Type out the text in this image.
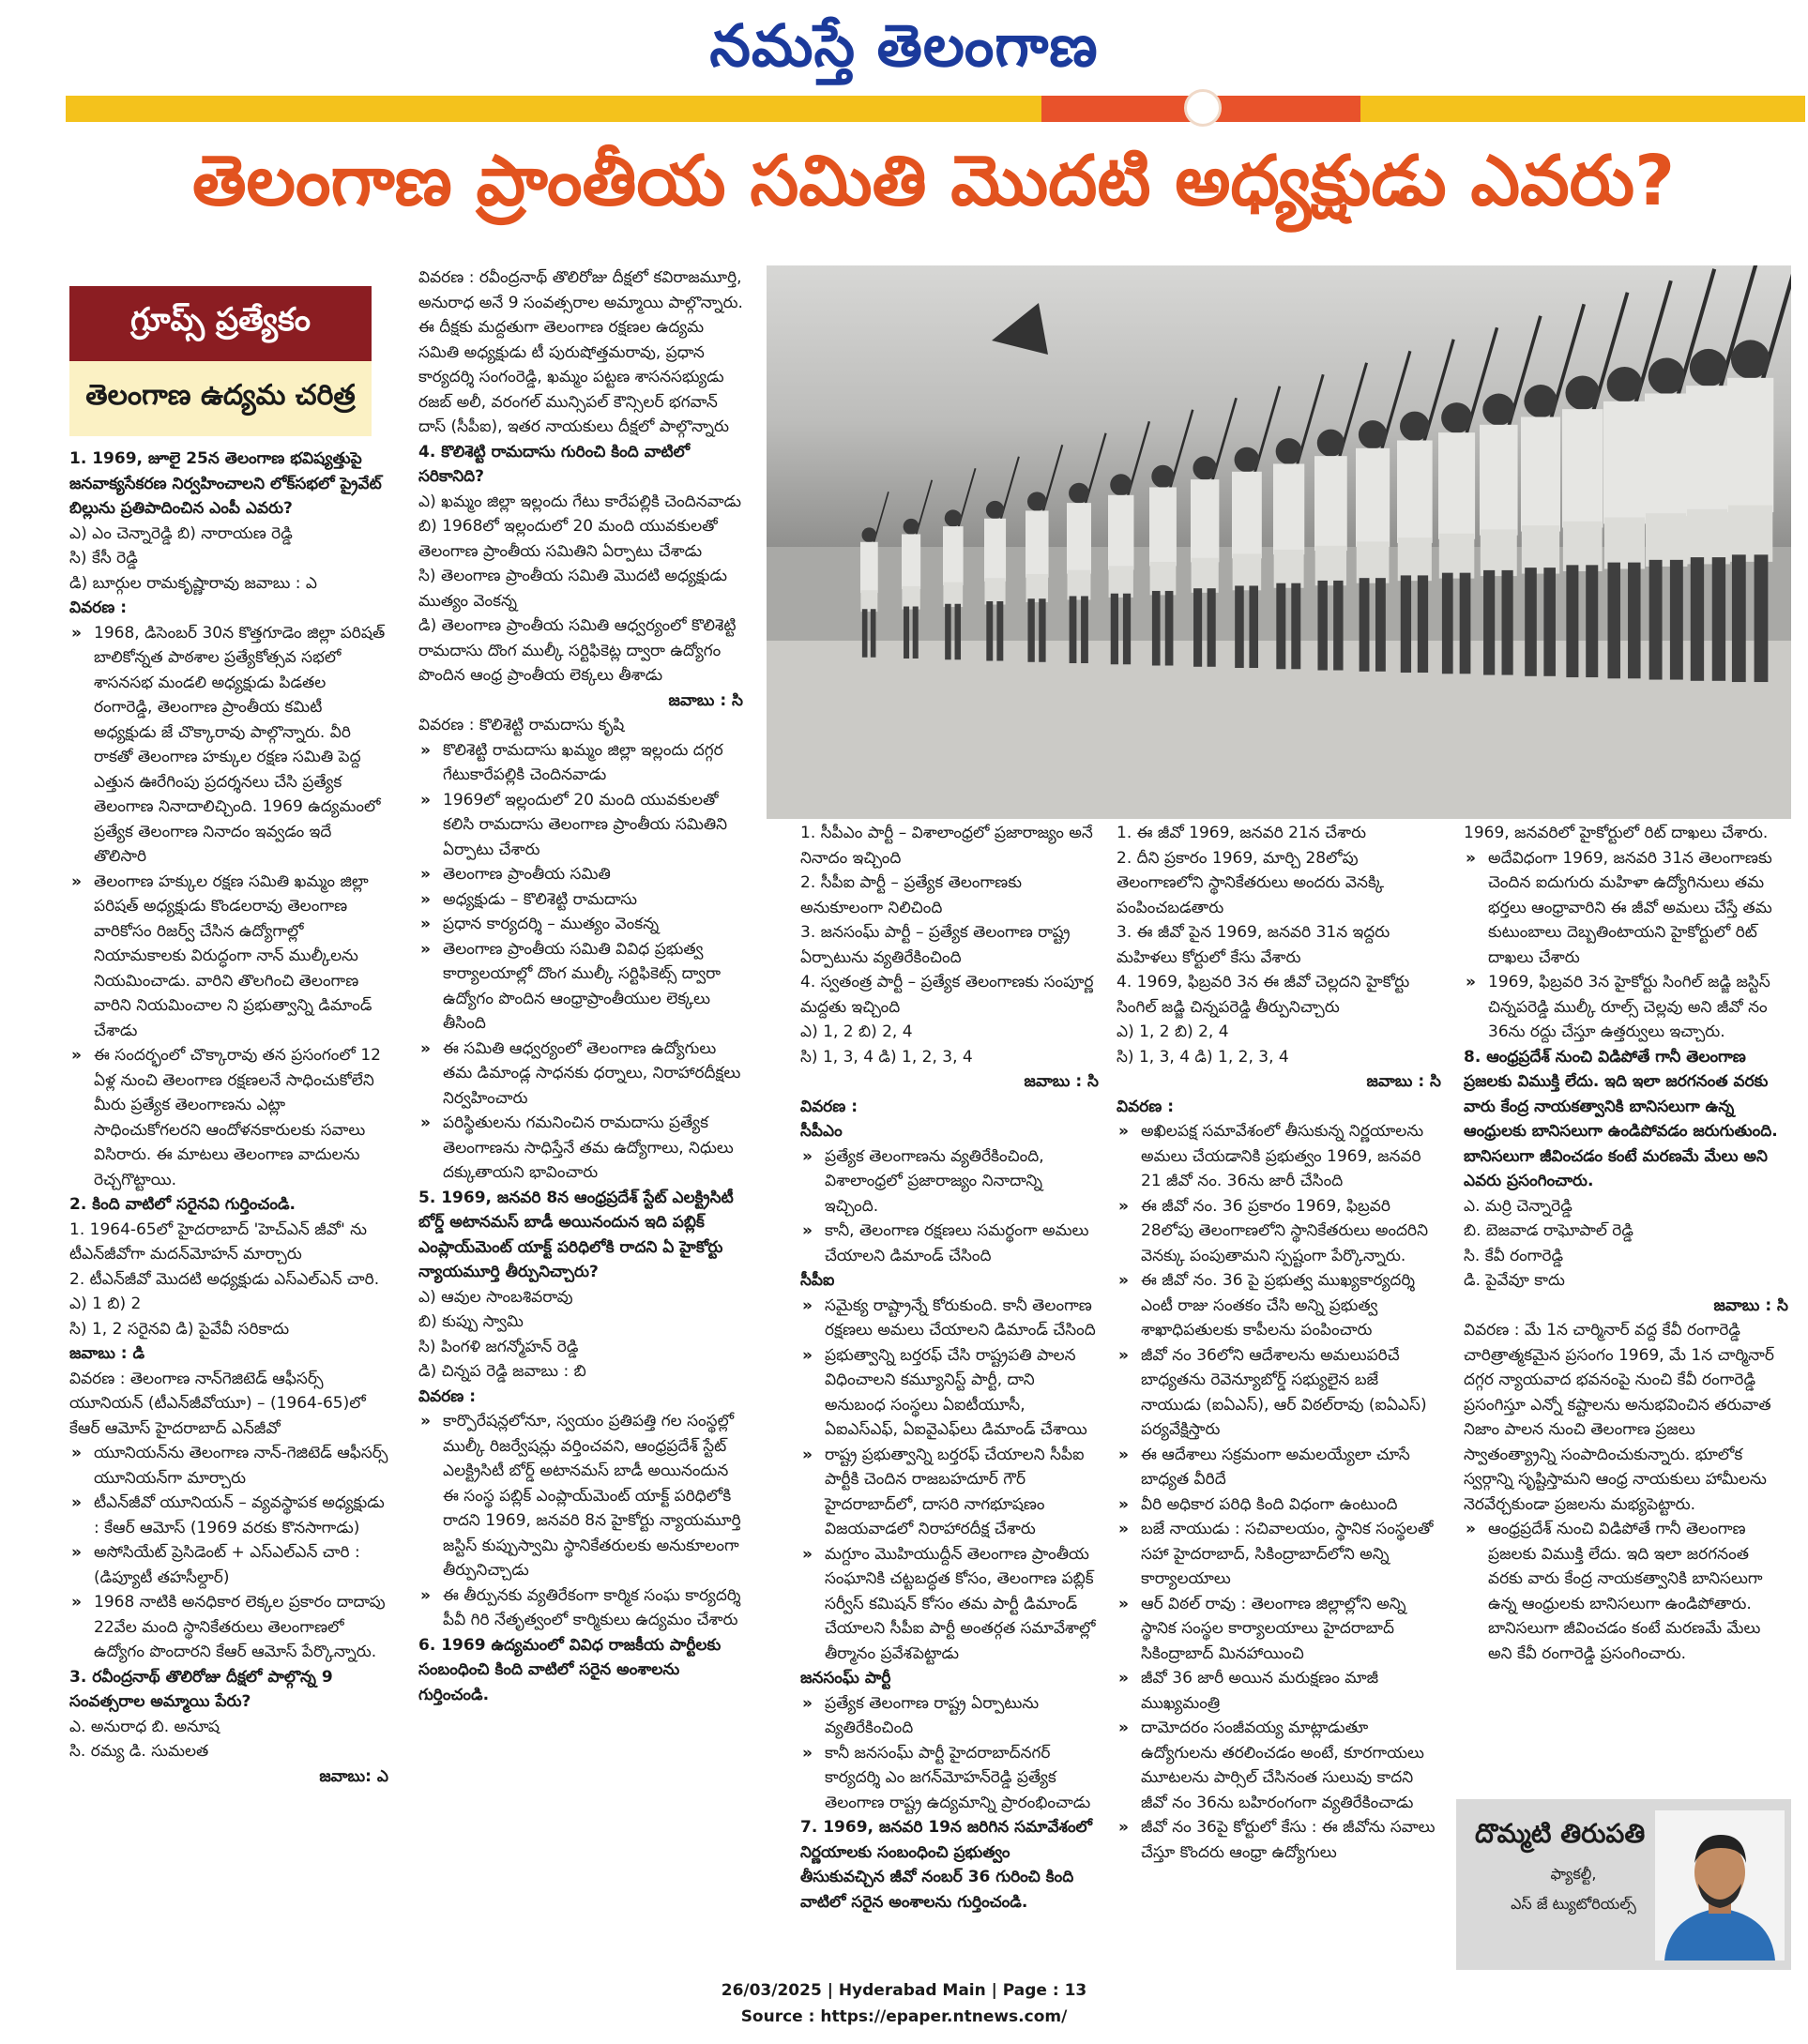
నమస్తే తెలంగాణ
తెలంగాణ ప్రాంతీయ సమితి మొదటి అధ్యక్షుడు ఎవరు?
గ్రూప్స్ ప్రత్యేకం
తెలంగాణ ఉద్యమ చరిత్ర

1. 1969, జూలై 25న తెలంగాణ భవిష్యత్తుపై జనవాక్యసేకరణ నిర్వహించాలని లోక్‌సభలో ప్రైవేట్ బిల్లును ప్రతిపాదించిన ఎంపీ ఎవరు?

ఎ) ఎం చెన్నారెడ్డి బి) నారాయణ రెడ్డి

సి) కేసీ రెడ్డి

డి) బూర్గుల రామకృష్ణారావు జవాబు : ఎ

వివరణ :

» 1968, డిసెంబర్ 30న కొత్తగూడెం జిల్లా పరిషత్ బాలికోన్నత పాఠశాల ప్రత్యేకోత్సవ సభలో శాసనసభ మండలి అధ్యక్షుడు పిడతల రంగారెడ్డి, తెలంగాణ ప్రాంతీయ కమిటీ అధ్యక్షుడు జే చొక్కారావు పాల్గొన్నారు. వీరి రాకతో తెలంగాణ హక్కుల రక్షణ సమితి పెద్ద ఎత్తున ఊరేగింపు ప్రదర్శనలు చేసి ప్రత్యేక తెలంగాణ నినాదాలిచ్చింది. 1969 ఉద్యమంలో ప్రత్యేక తెలంగాణ నినాదం ఇవ్వడం ఇదే తొలిసారి

» తెలంగాణ హక్కుల రక్షణ సమితి ఖమ్మం జిల్లా పరిషత్ అధ్యక్షుడు కొండలరావు తెలంగాణ వారికోసం రిజర్వ్ చేసిన ఉద్యోగాల్లో నియామకాలకు విరుద్ధంగా నాన్ ముల్కీలను నియమించాడు. వారిని తొలగించి తెలంగాణ వారిని నియమించాల ని ప్రభుత్వాన్ని డిమాండ్ చేశాడు

» ఈ సందర్భంలో చొక్కారావు తన ప్రసంగంలో 12 ఏళ్ల నుంచి తెలంగాణ రక్షణలనే సాధించుకోలేని మీరు ప్రత్యేక తెలంగాణను ఎట్లా సాధించుకోగలరని ఆందోళనకారులకు సవాలు విసిరారు. ఈ మాటలు తెలంగాణ వాదులను రెచ్చగొట్టాయి.

2. కింది వాటిలో సరైనవి గుర్తించండి.

1. 1964-65లో హైదరాబాద్ 'హెచ్‌ఎన్ జీవో' ను టీఎన్‌జీవోగా మదన్‌మోహన్ మార్చారు

2. టీఎన్‌జీవో మొదటి అధ్యక్షుడు ఎస్‌ఎల్‌ఎన్ చారి.

ఎ) 1 బి) 2

సి) 1, 2 సరైనవి డి) పైవేవీ సరికాదు

జవాబు : డి

వివరణ : తెలంగాణ నాన్‌గెజిటెడ్ ఆఫీసర్స్ యూనియన్ (టీఎన్‌జీవోయూ) – (1964-65)లో కేఆర్ ఆమోస్ హైదరాబాద్ ఎన్‌జీవో

» యూనియన్‌ను తెలంగాణ నాన్-గెజిటెడ్ ఆఫీసర్స్ యూనియన్‌గా మార్చారు

» టీఎన్‌జీవో యూనియన్ – వ్యవస్థాపక అధ్యక్షుడు : కేఆర్ ఆమోస్ (1969 వరకు కొనసాగాడు)

» అసోసియేట్ ప్రెసిడెంట్ + ఎస్‌ఎల్‌ఎన్ చారి : (డిప్యూటీ తహసీల్దార్)

» 1968 నాటికి అనధికార లెక్కల ప్రకారం దాదాపు 22వేల మంది స్థానికేతరులు తెలంగాణలో ఉద్యోగం పొందారని కేఆర్ ఆమోస్ పేర్కొన్నారు.

3. రవీంద్రనాథ్ తొలిరోజు దీక్షలో పాల్గొన్న 9 సంవత్సరాల అమ్మాయి పేరు?

ఎ. అనురాధ బి. అనూష

సి. రమ్య డి. సుమలత

జవాబు: ఎ

వివరణ : రవీంద్రనాథ్ తొలిరోజు దీక్షలో కవిరాజమూర్తి, అనురాధ అనే 9 సంవత్సరాల అమ్మాయి పాల్గొన్నారు. ఈ దీక్షకు మద్దతుగా తెలంగాణ రక్షణల ఉద్యమ సమితి అధ్యక్షుడు టీ పురుషోత్తమరావు, ప్రధాన కార్యదర్శి సంగంరెడ్డి, ఖమ్మం పట్టణ శాసనసభ్యుడు రజబ్ అలీ, వరంగల్ మున్సిపల్ కౌన్సిలర్ భగవాన్ దాస్ (సీపీఐ), ఇతర నాయకులు దీక్షలో పాల్గొన్నారు

4. కొలిశెట్టి రామదాసు గురించి కింది వాటిలో సరికానిది?

ఎ) ఖమ్మం జిల్లా ఇల్లందు గేటు కారేపల్లికి చెందినవాడు

బి) 1968లో ఇల్లందులో 20 మంది యువకులతో తెలంగాణ ప్రాంతీయ సమితిని ఏర్పాటు చేశాడు

సి) తెలంగాణ ప్రాంతీయ సమితి మొదటి అధ్యక్షుడు ముత్యం వెంకన్న

డి) తెలంగాణ ప్రాంతీయ సమితి ఆధ్వర్యంలో కొలిశెట్టి రామదాసు దొంగ ముల్కీ సర్టిఫికెట్ల ద్వారా ఉద్యోగం పొందిన ఆంధ్ర ప్రాంతీయ లెక్కలు తీశాడు

జవాబు : సి

వివరణ : కొలిశెట్టి రామదాసు కృషి

» కొలిశెట్టి రామదాసు ఖమ్మం జిల్లా ఇల్లందు దగ్గర గేటుకారేపల్లికి చెందినవాడు

» 1969లో ఇల్లందులో 20 మంది యువకులతో కలిసి రామదాసు తెలంగాణ ప్రాంతీయ సమితిని ఏర్పాటు చేశారు

» తెలంగాణ ప్రాంతీయ సమితి

» అధ్యక్షుడు – కొలిశెట్టి రామదాసు

» ప్రధాన కార్యదర్శి – ముత్యం వెంకన్న

» తెలంగాణ ప్రాంతీయ సమితి వివిధ ప్రభుత్వ కార్యాలయాల్లో దొంగ ముల్కీ సర్టిఫికెట్స్ ద్వారా ఉద్యోగం పొందిన ఆంధ్రాప్రాంతీయుల లెక్కలు తీసింది

» ఈ సమితి ఆధ్వర్యంలో తెలంగాణ ఉద్యోగులు తమ డిమాండ్ల సాధనకు ధర్నాలు, నిరాహారదీక్షలు నిర్వహించారు

» పరిస్థితులను గమనించిన రామదాసు ప్రత్యేక తెలంగాణను సాధిస్తేనే తమ ఉద్యోగాలు, నిధులు దక్కుతాయని భావించారు

5. 1969, జనవరి 8న ఆంధ్రప్రదేశ్ స్టేట్ ఎలక్ట్రిసిటీ బోర్డ్ అటానమస్ బాడీ అయినందున ఇది పబ్లిక్ ఎంప్లాయ్‌మెంట్ యాక్ట్ పరిధిలోకి రాదని ఏ హైకోర్టు న్యాయమూర్తి తీర్పునిచ్చారు?

ఎ) ఆవుల సాంబశివరావు

బి) కుప్పు స్వామి

సి) పింగళి జగన్మోహన్ రెడ్డి

డి) చిన్నప రెడ్డి జవాబు : బి

వివరణ :

» కార్పొరేషన్లలోనూ, స్వయం ప్రతిపత్తి గల సంస్థల్లో ముల్కీ రిజర్వేషన్లు వర్తించవని, ఆంధ్రప్రదేశ్ స్టేట్ ఎలక్ట్రిసిటీ బోర్డ్ అటానమస్ బాడీ అయినందున ఈ సంస్థ పబ్లిక్ ఎంప్లాయ్‌మెంట్ యాక్ట్ పరిధిలోకి రాదని 1969, జనవరి 8న హైకోర్టు న్యాయమూర్తి జస్టిస్ కుప్పుస్వామి స్థానికేతరులకు అనుకూలంగా తీర్పునిచ్చాడు

» ఈ తీర్పునకు వ్యతిరేకంగా కార్మిక సంఘ కార్యదర్శి పీవీ గిరి నేతృత్వంలో కార్మికులు ఉద్యమం చేశారు

6. 1969 ఉద్యమంలో వివిధ రాజకీయ పార్టీలకు సంబంధించి కింది వాటిలో సరైన అంశాలను గుర్తించండి.

1. సీపీఎం పార్టీ – విశాలాంధ్రలో ప్రజారాజ్యం అనే నినాదం ఇచ్చింది

2. సీపీఐ పార్టీ – ప్రత్యేక తెలంగాణకు అనుకూలంగా నిలిచింది

3. జనసంఘ్ పార్టీ – ప్రత్యేక తెలంగాణ రాష్ట్ర ఏర్పాటును వ్యతిరేకించింది

4. స్వతంత్ర పార్టీ – ప్రత్యేక తెలంగాణకు సంపూర్ణ మద్దతు ఇచ్చింది

ఎ) 1, 2 బి) 2, 4

సి) 1, 3, 4 డి) 1, 2, 3, 4

జవాబు : సి

వివరణ :

సీపీఎం

» ప్రత్యేక తెలంగాణను వ్యతిరేకించింది, విశాలాంధ్రలో ప్రజారాజ్యం నినాదాన్ని ఇచ్చింది.

» కానీ, తెలంగాణ రక్షణలు సమర్థంగా అమలు చేయాలని డిమాండ్ చేసింది

సీపీఐ

» సమైక్య రాష్ట్రాన్నే కోరుకుంది. కానీ తెలంగాణ రక్షణలు అమలు చేయాలని డిమాండ్ చేసింది

» ప్రభుత్వాన్ని బర్తరఫ్ చేసి రాష్ట్రపతి పాలన విధించాలని కమ్యూనిస్ట్ పార్టీ, దాని అనుబంధ సంస్థలు ఏఐటీయూసీ, ఏఐఎస్‌ఎఫ్, ఏఐవైఎఫ్‌లు డిమాండ్ చేశాయి

» రాష్ట్ర ప్రభుత్వాన్ని బర్తరఫ్ చేయాలని సీపీఐ పార్టీకి చెందిన రాజబహదూర్ గౌర్ హైదరాబాద్‌లో, దాసరి నాగభూషణం విజయవాడలో నిరాహారదీక్ష చేశారు

» మగ్దూం మొహియుద్దీన్ తెలంగాణ ప్రాంతీయ సంఘానికి చట్టబద్ధత కోసం, తెలంగాణ పబ్లిక్ సర్వీస్ కమిషన్ కోసం తమ పార్టీ డిమాండ్ చేయాలని సీపీఐ పార్టీ అంతర్గత సమావేశాల్లో తీర్మానం ప్రవేశపెట్టాడు

జనసంఘ్ పార్టీ

» ప్రత్యేక తెలంగాణ రాష్ట్ర ఏర్పాటును వ్యతిరేకించింది

» కానీ జనసంఘ్ పార్టీ హైదరాబాద్‌నగర్ కార్యదర్శి ఎం జగన్‌మోహన్‌రెడ్డి ప్రత్యేక తెలంగాణ రాష్ట్ర ఉద్యమాన్ని ప్రారంభించాడు

7. 1969, జనవరి 19న జరిగిన సమావేశంలో నిర్ణయాలకు సంబంధించి ప్రభుత్వం తీసుకువచ్చిన జీవో నంబర్ 36 గురించి కింది వాటిలో సరైన అంశాలను గుర్తించండి.

1. ఈ జీవో 1969, జనవరి 21న చేశారు

2. దీని ప్రకారం 1969, మార్చి 28లోపు తెలంగాణలోని స్థానికేతరులు అందరు వెనక్కి పంపించబడతారు

3. ఈ జీవో పైన 1969, జనవరి 31న ఇద్దరు మహిళలు కోర్టులో కేసు వేశారు

4. 1969, ఫిబ్రవరి 3న ఈ జీవో చెల్లదని హైకోర్టు సింగిల్ జడ్జి చిన్నపరెడ్డి తీర్పునిచ్చారు

ఎ) 1, 2 బి) 2, 4

సి) 1, 3, 4 డి) 1, 2, 3, 4

జవాబు : సి

వివరణ :

» అఖిలపక్ష సమావేశంలో తీసుకున్న నిర్ణయాలను అమలు చేయడానికి ప్రభుత్వం 1969, జనవరి 21 జీవో నం. 36ను జారీ చేసింది

» ఈ జీవో నం. 36 ప్రకారం 1969, ఫిబ్రవరి 28లోపు తెలంగాణలోని స్థానికేతరులు అందరిని వెనక్కు పంపుతామని స్పష్టంగా పేర్కొన్నారు.

» ఈ జీవో నం. 36 పై ప్రభుత్వ ముఖ్యకార్యదర్శి ఎంటీ రాజు సంతకం చేసి అన్ని ప్రభుత్వ శాఖాధిపతులకు కాపీలను పంపించారు

» జీవో నం 36లోని ఆదేశాలను అమలుపరిచే బాధ్యతను రెవెన్యూబోర్డ్ సభ్యులైన బజే నాయుడు (ఐఏఎస్), ఆర్ విఠల్‌రావు (ఐఏఎస్) పర్యవేక్షిస్తారు

» ఈ ఆదేశాలు సక్రమంగా అమలయ్యేలా చూసే బాధ్యత వీరిదే

» వీరి అధికార పరిధి కింది విధంగా ఉంటుంది

» బజే నాయుడు : సచివాలయం, స్థానిక సంస్థలతో సహా హైదరాబాద్, సికింద్రాబాద్‌లోని అన్ని కార్యాలయాలు

» ఆర్ విఠల్ రావు : తెలంగాణ జిల్లాల్లోని అన్ని స్థానిక సంస్థల కార్యాలయాలు హైదరాబాద్ సికింద్రాబాద్ మినహాయించి

» జీవో 36 జారీ అయిన మరుక్షణం మాజీ ముఖ్యమంత్రి

» దామోదరం సంజీవయ్య మాట్లాడుతూ ఉద్యోగులను తరలించడం అంటే, కూరగాయలు మూటలను పార్సిల్ చేసినంత సులువు కాదని జీవో నం 36ను బహిరంగంగా వ్యతిరేకించాడు

» జీవో నం 36పై కోర్టులో కేసు : ఈ జీవోను సవాలు చేస్తూ కొందరు ఆంధ్రా ఉద్యోగులు

1969, జనవరిలో హైకోర్టులో రిట్ దాఖలు చేశారు.

» అదేవిధంగా 1969, జనవరి 31న తెలంగాణకు చెందిన ఐదుగురు మహిళా ఉద్యోగినులు తమ భర్తలు ఆంధ్రావారిని ఈ జీవో అమలు చేస్తే తమ కుటుంబాలు దెబ్బతింటాయని హైకోర్టులో రిట్ దాఖలు చేశారు

» 1969, ఫిబ్రవరి 3న హైకోర్టు సింగిల్ జడ్జి జస్టిస్ చిన్నపరెడ్డి ముల్కీ రూల్స్ చెల్లవు అని జీవో నం 36ను రద్దు చేస్తూ ఉత్తర్వులు ఇచ్చారు.

8. ఆంధ్రప్రదేశ్ నుంచి విడిపోతే గానీ తెలంగాణ ప్రజలకు విముక్తి లేదు. ఇది ఇలా జరగనంత వరకు వారు కేంద్ర నాయకత్వానికి బానిసలుగా ఉన్న ఆంధ్రులకు బానిసలుగా ఉండిపోవడం జరుగుతుంది. బానిసలుగా జీవించడం కంటే మరణమే మేలు అని ఎవరు ప్రసంగించారు.

ఎ. మర్రి చెన్నారెడ్డి

బి. బెజవాడ రాఘోపాల్ రెడ్డి

సి. కేవీ రంగారెడ్డి

డి. పైవేవూ కాదు

జవాబు : సి

వివరణ : మే 1న చార్మినార్ వద్ద కేవీ రంగారెడ్డి చారిత్రాత్మకమైన ప్రసంగం 1969, మే 1న చార్మినార్ దగ్గర న్యాయవాద భవనంపై నుంచి కేవీ రంగారెడ్డి ప్రసంగిస్తూ ఎన్నో కష్టాలను అనుభవించిన తరువాత నిజాం పాలన నుంచి తెలంగాణ ప్రజలు స్వాతంత్య్రాన్ని సంపాదించుకున్నారు. భూలోక స్వర్గాన్ని సృష్టిస్తామని ఆంధ్ర నాయకులు హామీలను నెరవేర్చకుండా ప్రజలను మభ్యపెట్టారు.

» ఆంధ్రప్రదేశ్ నుంచి విడిపోతే గానీ తెలంగాణ ప్రజలకు విముక్తి లేదు. ఇది ఇలా జరగనంత వరకు వారు కేంద్ర నాయకత్వానికి బానిసలుగా ఉన్న ఆంధ్రులకు బానిసలుగా ఉండిపోతారు. బానిసలుగా జీవించడం కంటే మరణమే మేలు అని కేవీ రంగారెడ్డి ప్రసంగించారు.

దొమ్మటి తిరుపతి
ఫ్యాకల్టీ,
ఎస్ జే ట్యుటోరియల్స్
26/03/2025 | Hyderabad Main | Page : 13
Source : https://epaper.ntnews.com/
